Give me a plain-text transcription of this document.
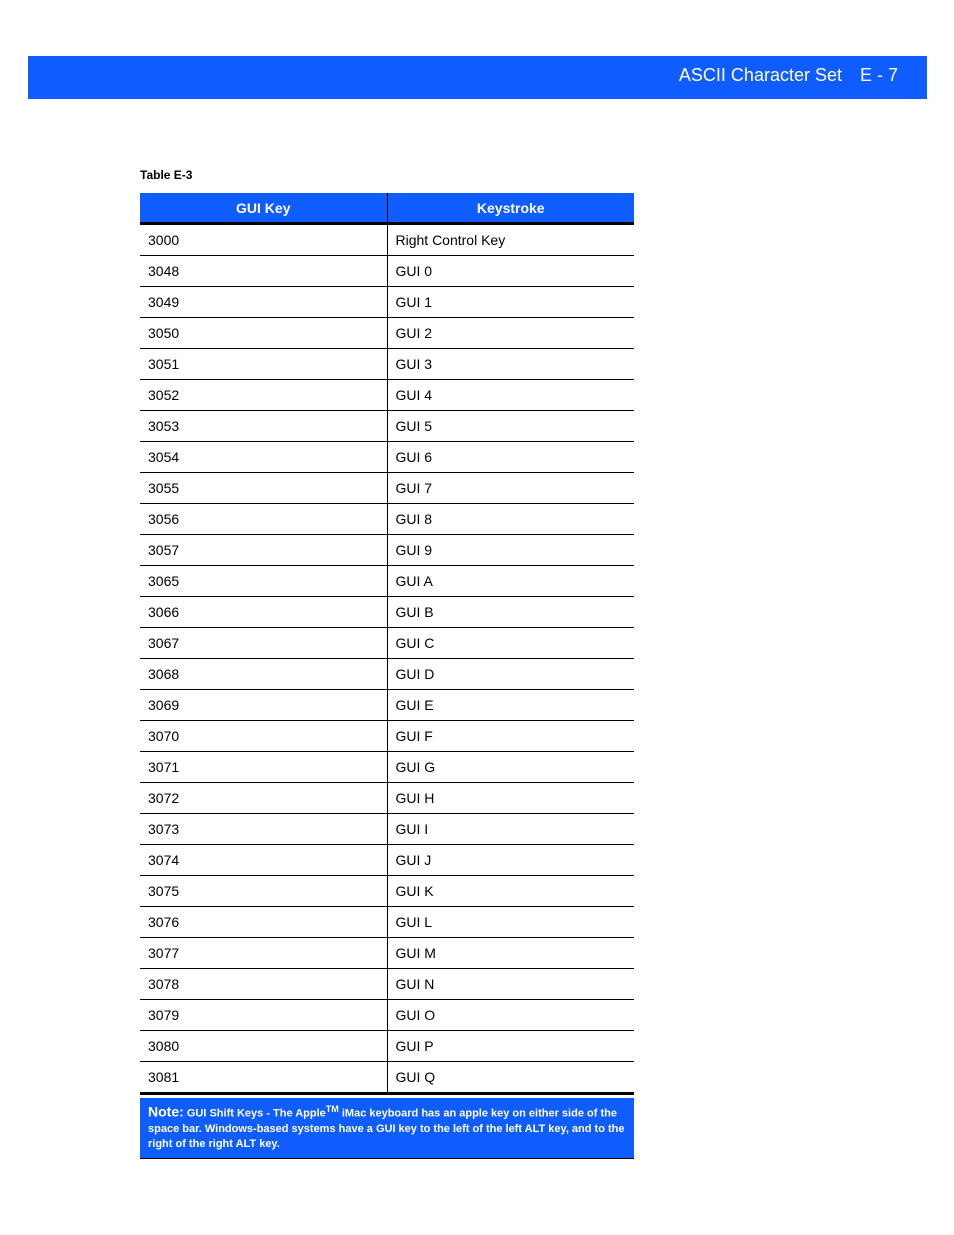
ASCII Character Set E - 7
Table E-3
GUI Key	Keystroke
3000	Right Control Key
3048	GUI 0
3049	GUI 1
3050	GUI 2
3051	GUI 3
3052	GUI 4
3053	GUI 5
3054	GUI 6
3055	GUI 7
3056	GUI 8
3057	GUI 9
3065	GUI A
3066	GUI B
3067	GUI C
3068	GUI D
3069	GUI E
3070	GUI F
3071	GUI G
3072	GUI H
3073	GUI I
3074	GUI J
3075	GUI K
3076	GUI L
3077	GUI M
3078	GUI N
3079	GUI O
3080	GUI P
3081	GUI Q
Note: GUI Shift Keys - The Apple™ iMac keyboard has an apple key on either side of the space bar. Windows-based systems have a GUI key to the left of the left ALT key, and to the right of the right ALT key.
